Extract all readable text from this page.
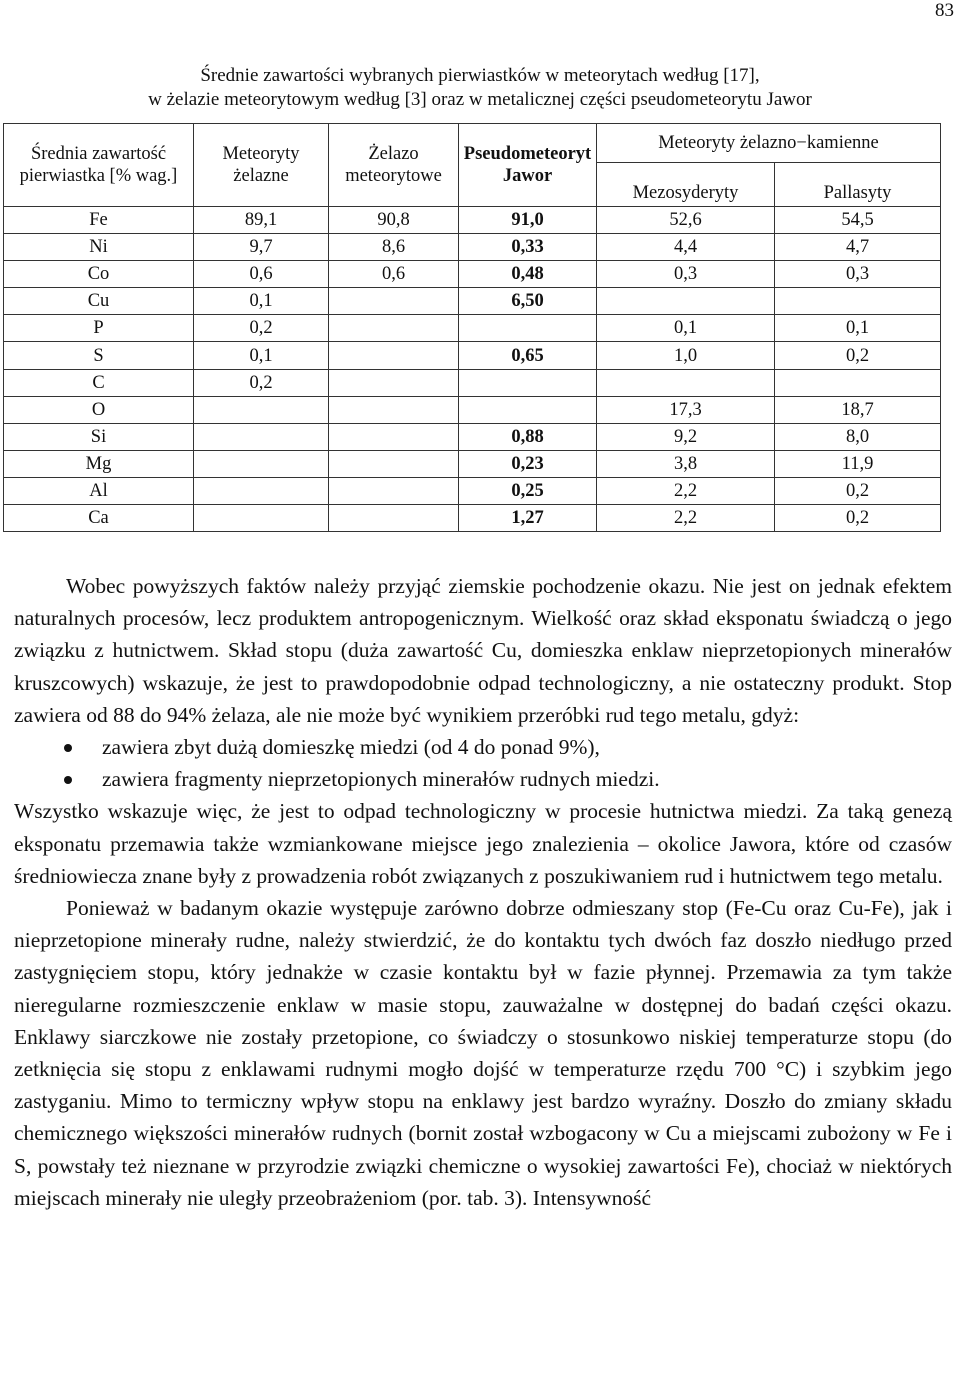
83
Średnie zawartości wybranych pierwiastków w meteorytach według [17],
w żelazie meteorytowym według [3] oraz w metalicznej części pseudometeorytu Jawor
Średnia zawartość pierwiastka [% wag.]	Meteoryty żelazne	Żelazo meteorytowe	Pseudometeoryt Jawor	Meteoryty żelazno−kamienne	
				Mezosyderyty	Pallasyty
Fe	89,1	90,8	91,0	52,6	54,5
Ni	9,7	8,6	0,33	4,4	4,7
Co	0,6	0,6	0,48	0,3	0,3
Cu	0,1		6,50		
P	0,2			0,1	0,1
S	0,1		0,65	1,0	0,2
C	0,2				
O				17,3	18,7
Si			0,88	9,2	8,0
Mg			0,23	3,8	11,9
Al			0,25	2,2	0,2
Ca			1,27	2,2	0,2

Wobec powyższych faktów należy przyjąć ziemskie pochodzenie okazu. Nie jest on jednak efektem naturalnych procesów, lecz produktem antropogenicznym. Wielkość oraz skład eksponatu świadczą o jego związku z hutnictwem. Skład stopu (duża zawartość Cu, domieszka enklaw nieprzetopionych minerałów kruszcowych) wskazuje, że jest to prawdopodobnie odpad technologiczny, a nie ostateczny produkt. Stop zawiera od 88 do 94% żelaza, ale nie może być wynikiem przeróbki rud tego metalu, gdyż:

zawiera zbyt dużą domieszkę miedzi (od 4 do ponad 9%),
zawiera fragmenty nieprzetopionych minerałów rudnych miedzi.

Wszystko wskazuje więc, że jest to odpad technologiczny w procesie hutnictwa miedzi. Za taką genezą eksponatu przemawia także wzmiankowane miejsce jego znalezienia – okolice Jawora, które od czasów średniowiecza znane były z prowadzenia robót związanych z poszukiwaniem rud i hutnictwem tego metalu.

Ponieważ w badanym okazie występuje zarówno dobrze odmieszany stop (Fe-Cu oraz Cu-Fe), jak i nieprzetopione minerały rudne, należy stwierdzić, że do kontaktu tych dwóch faz doszło niedługo przed zastygnięciem stopu, który jednakże w czasie kontaktu był w fazie płynnej. Przemawia za tym także nieregularne rozmieszczenie enklaw w masie stopu, zauważalne w dostępnej do badań części okazu. Enklawy siarczkowe nie zostały przetopione, co świadczy o stosunkowo niskiej temperaturze stopu (do zetknięcia się stopu z enklawami rudnymi mogło dojść w temperaturze rzędu 700 °C) i szybkim jego zastyganiu. Mimo to termiczny wpływ stopu na enklawy jest bardzo wyraźny. Doszło do zmiany składu chemicznego większości minerałów rudnych (bornit został wzbogacony w Cu a miejscami zubożony w Fe i S, powstały też nieznane w przyrodzie związki chemiczne o wysokiej zawartości Fe), chociaż w niektórych miejscach minerały nie uległy przeobrażeniom (por. tab. 3). Intensywność
